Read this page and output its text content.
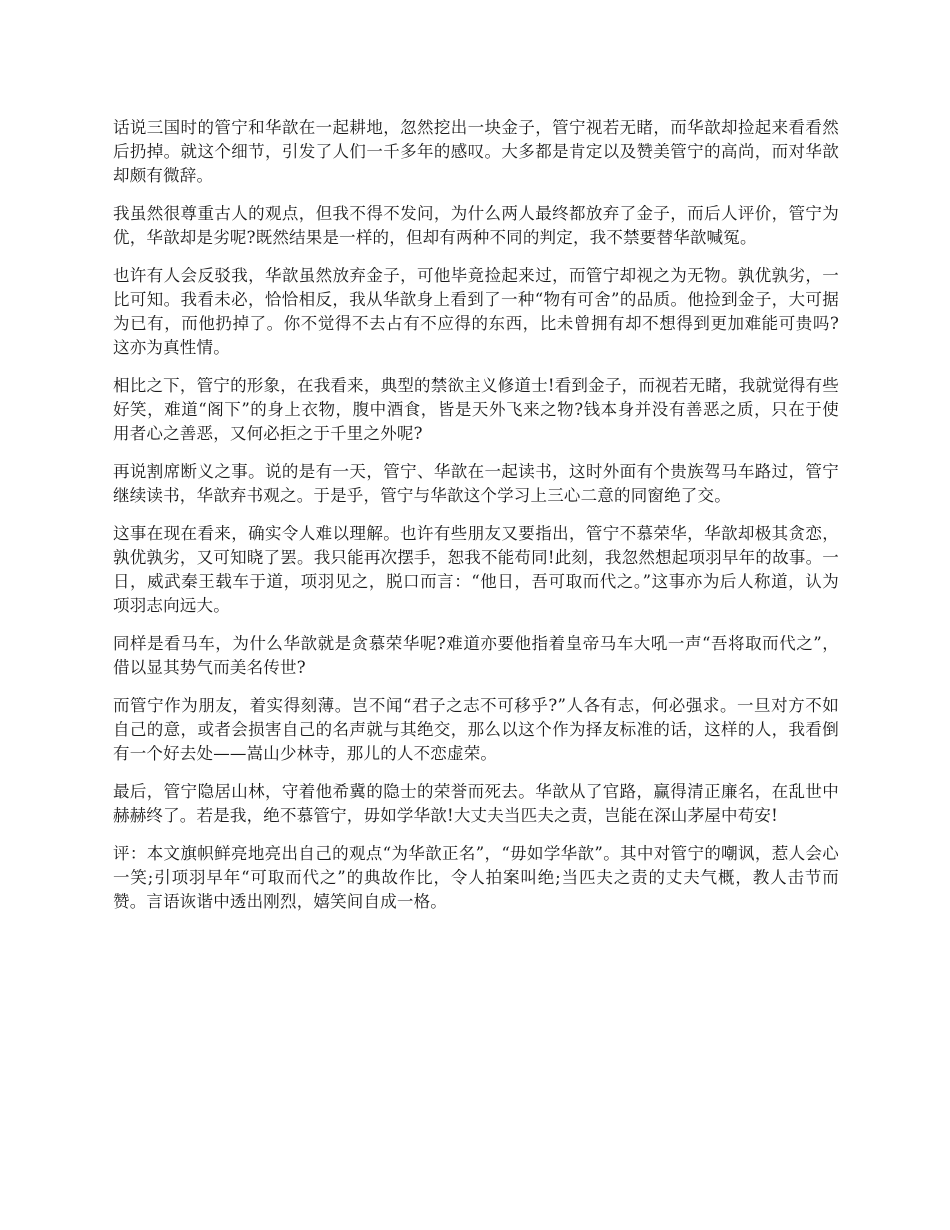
话说三国时的管宁和华歆在一起耕地，忽然挖出一块金子，管宁视若无睹，而华歆却捡起来看看然后扔掉。就这个细节，引发了人们一千多年的感叹。大多都是肯定以及赞美管宁的高尚，而对华歆却颇有微辞。

我虽然很尊重古人的观点，但我不得不发问，为什么两人最终都放弃了金子，而后人评价，管宁为优，华歆却是劣呢?既然结果是一样的，但却有两种不同的判定，我不禁要替华歆喊冤。

也许有人会反驳我，华歆虽然放弃金子，可他毕竟捡起来过，而管宁却视之为无物。孰优孰劣，一比可知。我看未必，恰恰相反，我从华歆身上看到了一种“物有可舍”的品质。他捡到金子，大可据为已有，而他扔掉了。你不觉得不去占有不应得的东西，比未曾拥有却不想得到更加难能可贵吗?这亦为真性情。

相比之下，管宁的形象，在我看来，典型的禁欲主义修道士!看到金子，而视若无睹，我就觉得有些好笑，难道“阁下”的身上衣物，腹中酒食，皆是天外飞来之物?钱本身并没有善恶之质，只在于使用者心之善恶，又何必拒之于千里之外呢?

再说割席断义之事。说的是有一天，管宁、华歆在一起读书，这时外面有个贵族驾马车路过，管宁继续读书，华歆弃书观之。于是乎，管宁与华歆这个学习上三心二意的同窗绝了交。

这事在现在看来，确实令人难以理解。也许有些朋友又要指出，管宁不慕荣华，华歆却极其贪恋，孰优孰劣，又可知晓了罢。我只能再次摆手，恕我不能苟同!此刻，我忽然想起项羽早年的故事。一日，威武秦王载车于道，项羽见之，脱口而言：“他日，吾可取而代之。”这事亦为后人称道，认为项羽志向远大。

同样是看马车，为什么华歆就是贪慕荣华呢?难道亦要他指着皇帝马车大吼一声“吾将取而代之”，借以显其势气而美名传世?

而管宁作为朋友，着实得刻薄。岂不闻“君子之志不可移乎?”人各有志，何必强求。一旦对方不如自己的意，或者会损害自己的名声就与其绝交，那么以这个作为择友标准的话，这样的人，我看倒有一个好去处——嵩山少林寺，那儿的人不恋虚荣。

最后，管宁隐居山林，守着他希冀的隐士的荣誉而死去。华歆从了官路，赢得清正廉名，在乱世中赫赫终了。若是我，绝不慕管宁，毋如学华歆!大丈夫当匹夫之责，岂能在深山茅屋中苟安!

评：本文旗帜鲜亮地亮出自己的观点“为华歆正名”，“毋如学华歆”。其中对管宁的嘲讽，惹人会心一笑;引项羽早年“可取而代之”的典故作比，令人拍案叫绝;当匹夫之责的丈夫气概，教人击节而赞。言语诙谐中透出刚烈，嬉笑间自成一格。
